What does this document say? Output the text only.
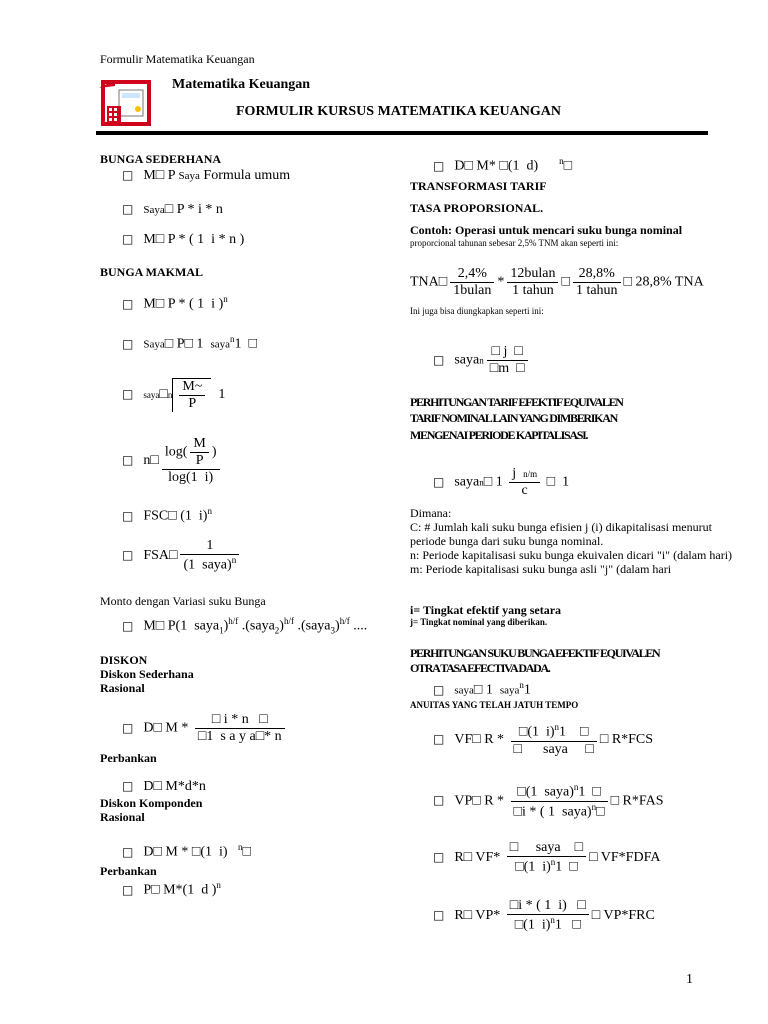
Formulir Matematika Keuangan
Matematika Keuangan
FORMULIR KURSUS MATEMATIKA KEUANGAN
BUNGA SEDERHANA
□ M□ P Saya Formula umum
□ Saya□ P * i * n
□ M□ P * ( 1  i * n )
BUNGA MAKMAL
□ M□ P * ( 1  i )$^n$
□ Saya□ P□ 1  saya$^n$1  □
□ saya□n $\frac{M\sim}{P} 1$
□ n□ $\frac{\log( \frac{M}{P} )}{\log(1 i)}$
□ FSC□ (1  i)$^n$
□ FSA□ $\frac{1}{(1 saya)^n}$
Monto dengan Variasi suku Bunga
□ M□ P(1  saya$_1$)$^{h/f}$ .(saya$_2$)$^{h/f}$ .(saya$_3$)$^{h/f}$ ....
DISKON
Diskon Sederhana
Rasional
□ D□ M * $\frac{□ i * n □}{\text{□1  s a y a□* n}}$
Perbankan
□ D□ M*d*n
Diskon Komponden
Rasional
□ D□ M * □(1  i)   $^n$□
Perbankan
□ P□ M*(1  d )$^n$
□ D□ M* □(1  d)      $^n$□
TRANSFORMASI TARIF
TASA PROPORSIONAL.
Contoh: Operasi untuk mencari suku bunga nominal
proporcional tahunan sebesar 2,5% TNM akan seperti ini:
TNA□ $\frac{2,4\%}{\text{1bulan}} * \frac{\text{12bulan}}{\text{1 tahun}}$ □ $\frac{28,8\%}{\text{1 tahun}}$ □ 28,8% TNA
Ini juga bisa diungkapkan seperti ini:
□ sayan $\frac{□ j □}{□m □}$
PERHITUNGAN TARIF EFEKTIF EQUIVALEN
TARIF NOMINAL LAIN YANG DIMBERIKAN
MENGENAI PERIODE KAPITALISASI.
□ sayan□ $1 \frac{\text{j  n/m}}{c}$ □  1
Dimana:
C: # Jumlah kali suku bunga efisien j (i) dikapitalisasi menurut periode bunga dari suku bunga nominal.
n: Periode kapitalisasi suku bunga ekuivalen dicari "i" (dalam hari)
m: Periode kapitalisasi suku bunga asli "j" (dalam hari
i= Tingkat efektif yang setara
j= Tingkat nominal yang diberikan.
PERHITUNGAN SUKU BUNGA EFEKTIF EQUIVALEN
OTRA TASA EFECTIVA DADA.
□ saya□ 1  saya$^n$1
ANUITAS YANG TELAH JATUH TEMPO
□ VF□ R * $\frac{□(1 i)^n1 □}{\text{□      saya     □}}$ □ R*FCS
□ VP□ R * $\frac{□(1 saya)^n1 □}{□i * ( 1 saya)^n□}$ □ R*FAS
□ R□ $VF* \frac{\text{□     saya    □}}{□(1 i)^n1 □}$ □ VF*FDFA
□ R□ $VP* \frac{□i * ( 1 i) □}{□(1 i)^n1 □}$ □ VP*FRC
1
